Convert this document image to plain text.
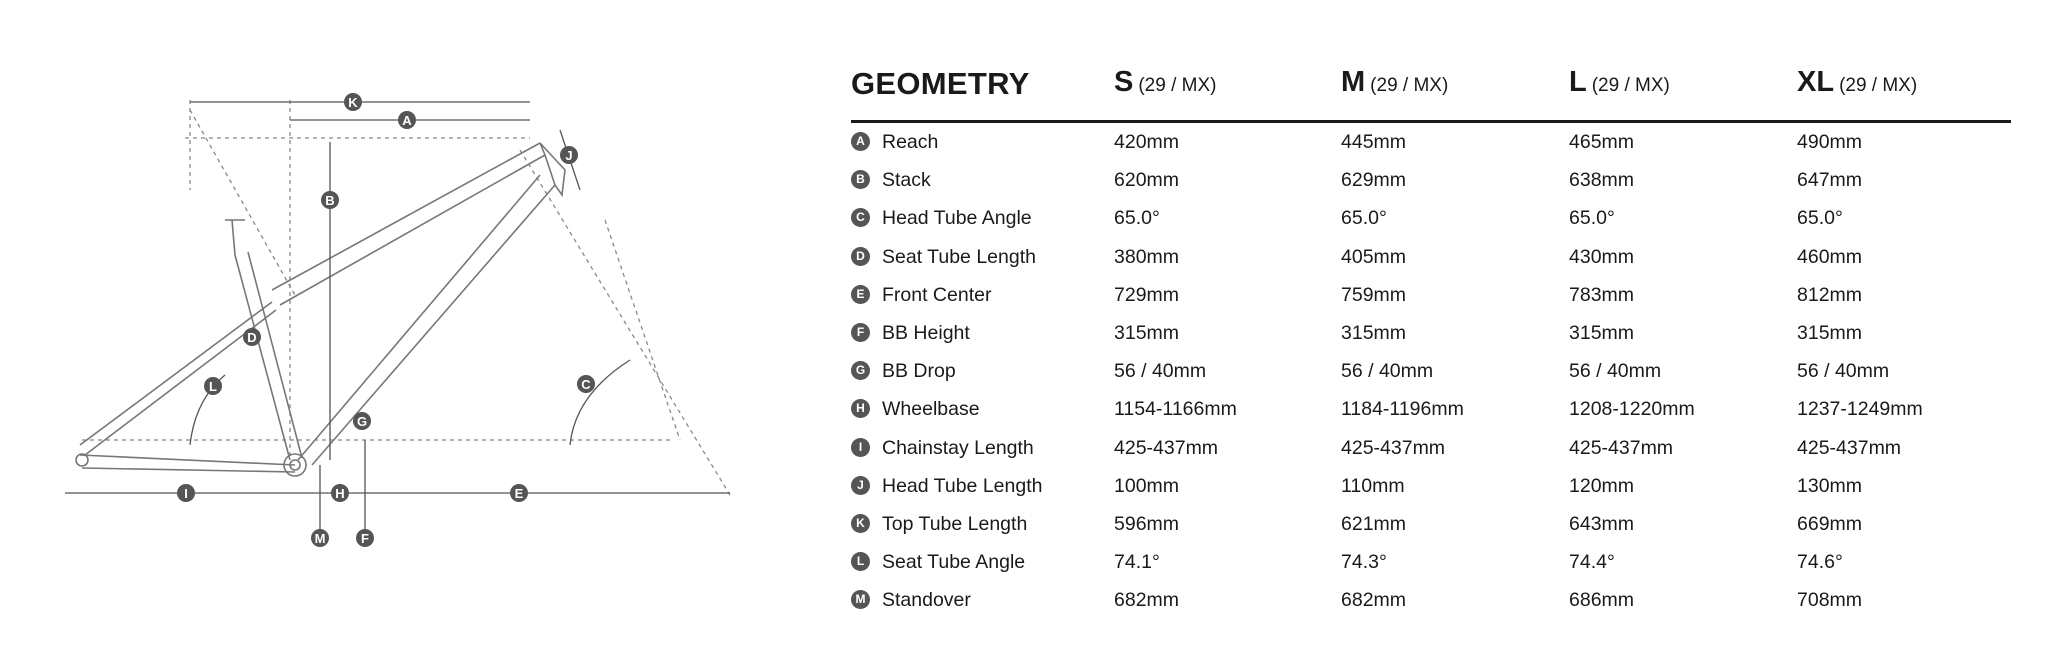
K
A
J
B
D
L	C
G
I	H	E
M	F
GEOMETRY	S (29 / MX)	M (29 / MX)	L (29 / MX)	XL (29 / MX)
A Reach	420mm	445mm	465mm	490mm
B Stack	620mm	629mm	638mm	647mm
C Head Tube Angle	65.0°	65.0°	65.0°	65.0°
D Seat Tube Length	380mm	405mm	430mm	460mm
E Front Center	729mm	759mm	783mm	812mm
F BB Height	315mm	315mm	315mm	315mm
G BB Drop	56 / 40mm	56 / 40mm	56 / 40mm	56 / 40mm
H Wheelbase	1154-1166mm	1184-1196mm	1208-1220mm	1237-1249mm
I	Chainstay Length	425-437mm	425-437mm	425-437mm	425-437mm
J Head Tube Length	100mm	110mm	120mm	130mm
K Top Tube Length	596mm	621mm	643mm	669mm
L Seat Tube Angle	74.1°	74.3°	74.4°	74.6°
M Standover	682mm	682mm	686mm	708mm
